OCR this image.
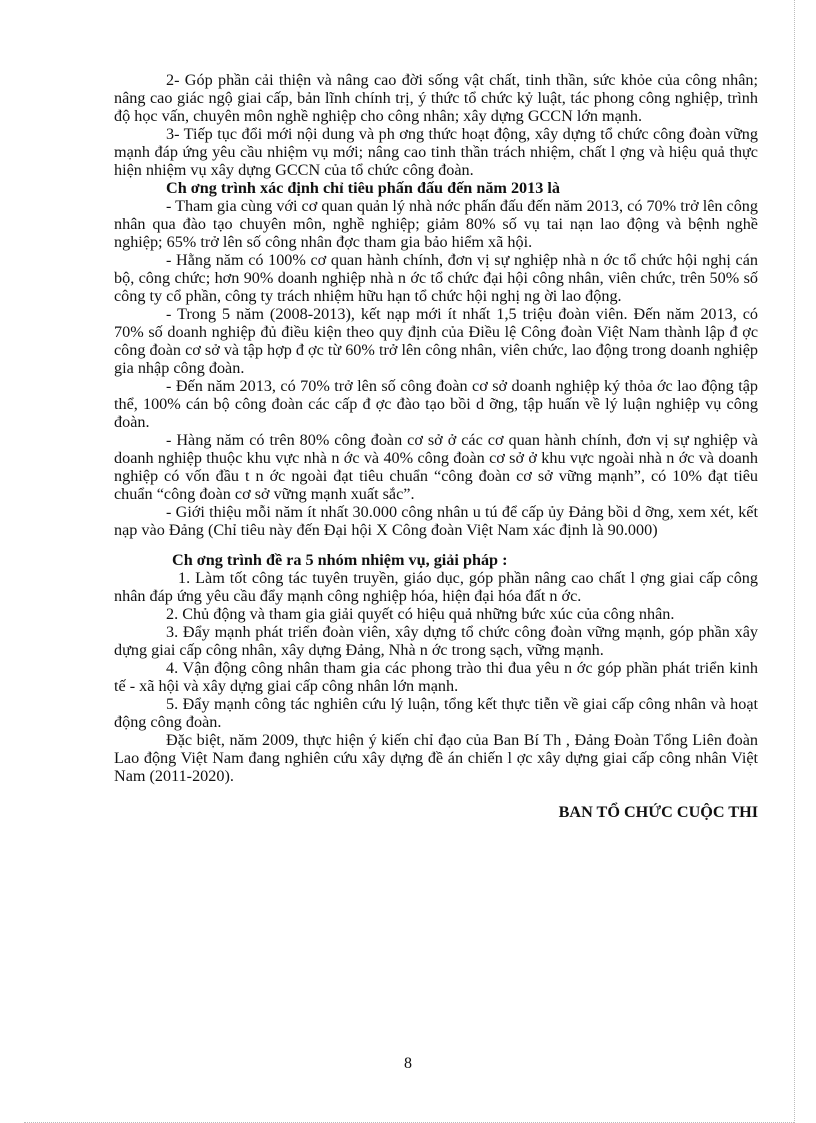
2- Góp phần cải thiện và nâng cao đời sống vật chất, tinh thần, sức khỏe của công nhân; nâng cao giác ngộ giai cấp, bản lĩnh chính trị, ý thức tổ chức kỷ luật, tác phong công nghiệp, trình độ học vấn, chuyên môn nghề nghiệp cho công nhân; xây dựng GCCN lớn mạnh.

3- Tiếp tục đổi mới nội dung và ph ơng thức hoạt động, xây dựng tổ chức công đoàn vững mạnh đáp ứng yêu cầu nhiệm vụ mới; nâng cao tinh thần trách nhiệm, chất l ợng và hiệu quả thực hiện nhiệm vụ xây dựng GCCN của tổ chức công đoàn.

Ch ơng trình xác định chỉ tiêu phấn đấu đến năm 2013 là

- Tham gia cùng với cơ quan quản lý nhà nớc phấn đấu đến năm 2013, có 70% trở lên công nhân qua đào tạo chuyên môn, nghề nghiệp; giảm 80% số vụ tai nạn lao động và bệnh nghề nghiệp; 65% trở lên số công nhân đợc tham gia bảo hiểm xã hội.

- Hằng năm có 100% cơ quan hành chính, đơn vị sự nghiệp nhà n ớc tổ chức hội nghị cán bộ, công chức; hơn 90% doanh nghiệp nhà n ớc tổ chức đại hội công nhân, viên chức, trên 50% số công ty cổ phần, công ty trách nhiệm hữu hạn tổ chức hội nghị ng ời lao động.

- Trong 5 năm (2008-2013), kết nạp mới ít nhất 1,5 triệu đoàn viên. Đến năm 2013, có 70% số doanh nghiệp đủ điều kiện theo quy định của Điều lệ Công đoàn Việt Nam thành lập đ ợc công đoàn cơ sở và tập hợp đ ợc từ 60% trở lên công nhân, viên chức, lao động trong doanh nghiệp gia nhập công đoàn.

- Đến năm 2013, có 70% trở lên số công đoàn cơ sở doanh nghiệp ký thỏa ớc lao động tập thể, 100% cán bộ công đoàn các cấp đ ợc đào tạo bồi d ỡng, tập huấn về lý luận nghiệp vụ công đoàn.

- Hàng năm có trên 80% công đoàn cơ sở ở các cơ quan hành chính, đơn vị sự nghiệp và doanh nghiệp thuộc khu vực nhà n ớc và 40% công đoàn cơ sở ở khu vực ngoài nhà n ớc và doanh nghiệp có vốn đầu t n ớc ngoài đạt tiêu chuẩn “công đoàn cơ sở vững mạnh”, có 10% đạt tiêu chuẩn “công đoàn cơ sở vững mạnh xuất sắc”.

- Giới thiệu mỗi năm ít nhất 30.000 công nhân u tú để cấp ủy Đảng bồi d ỡng, xem xét, kết nạp vào Đảng (Chỉ tiêu này đến Đại hội X Công đoàn Việt Nam xác định là 90.000)

Ch ơng trình đề ra 5 nhóm nhiệm vụ, giải pháp :

1. Làm tốt công tác tuyên truyền, giáo dục, góp phần nâng cao chất l ợng giai cấp công nhân đáp ứng yêu cầu đẩy mạnh công nghiệp hóa, hiện đại hóa đất n ớc.

2. Chủ động và tham gia giải quyết có hiệu quả những bức xúc của công nhân.

3. Đẩy mạnh phát triển đoàn viên, xây dựng tổ chức công đoàn vững mạnh, góp phần xây dựng giai cấp công nhân, xây dựng Đảng, Nhà n ớc trong sạch, vững mạnh.

4. Vận động công nhân tham gia các phong trào thi đua yêu n ớc góp phần phát triển kinh tế - xã hội và xây dựng giai cấp công nhân lớn mạnh.

5. Đẩy mạnh công tác nghiên cứu lý luận, tổng kết thực tiễn về giai cấp công nhân và hoạt động công đoàn.

Đặc biệt, năm 2009, thực hiện ý kiến chỉ đạo của Ban Bí Th , Đảng Đoàn Tổng Liên đoàn Lao động Việt Nam đang nghiên cứu xây dựng đề án chiến l ợc xây dựng giai cấp công nhân Việt Nam (2011-2020).

BAN TỔ CHỨC CUỘC THI

8
